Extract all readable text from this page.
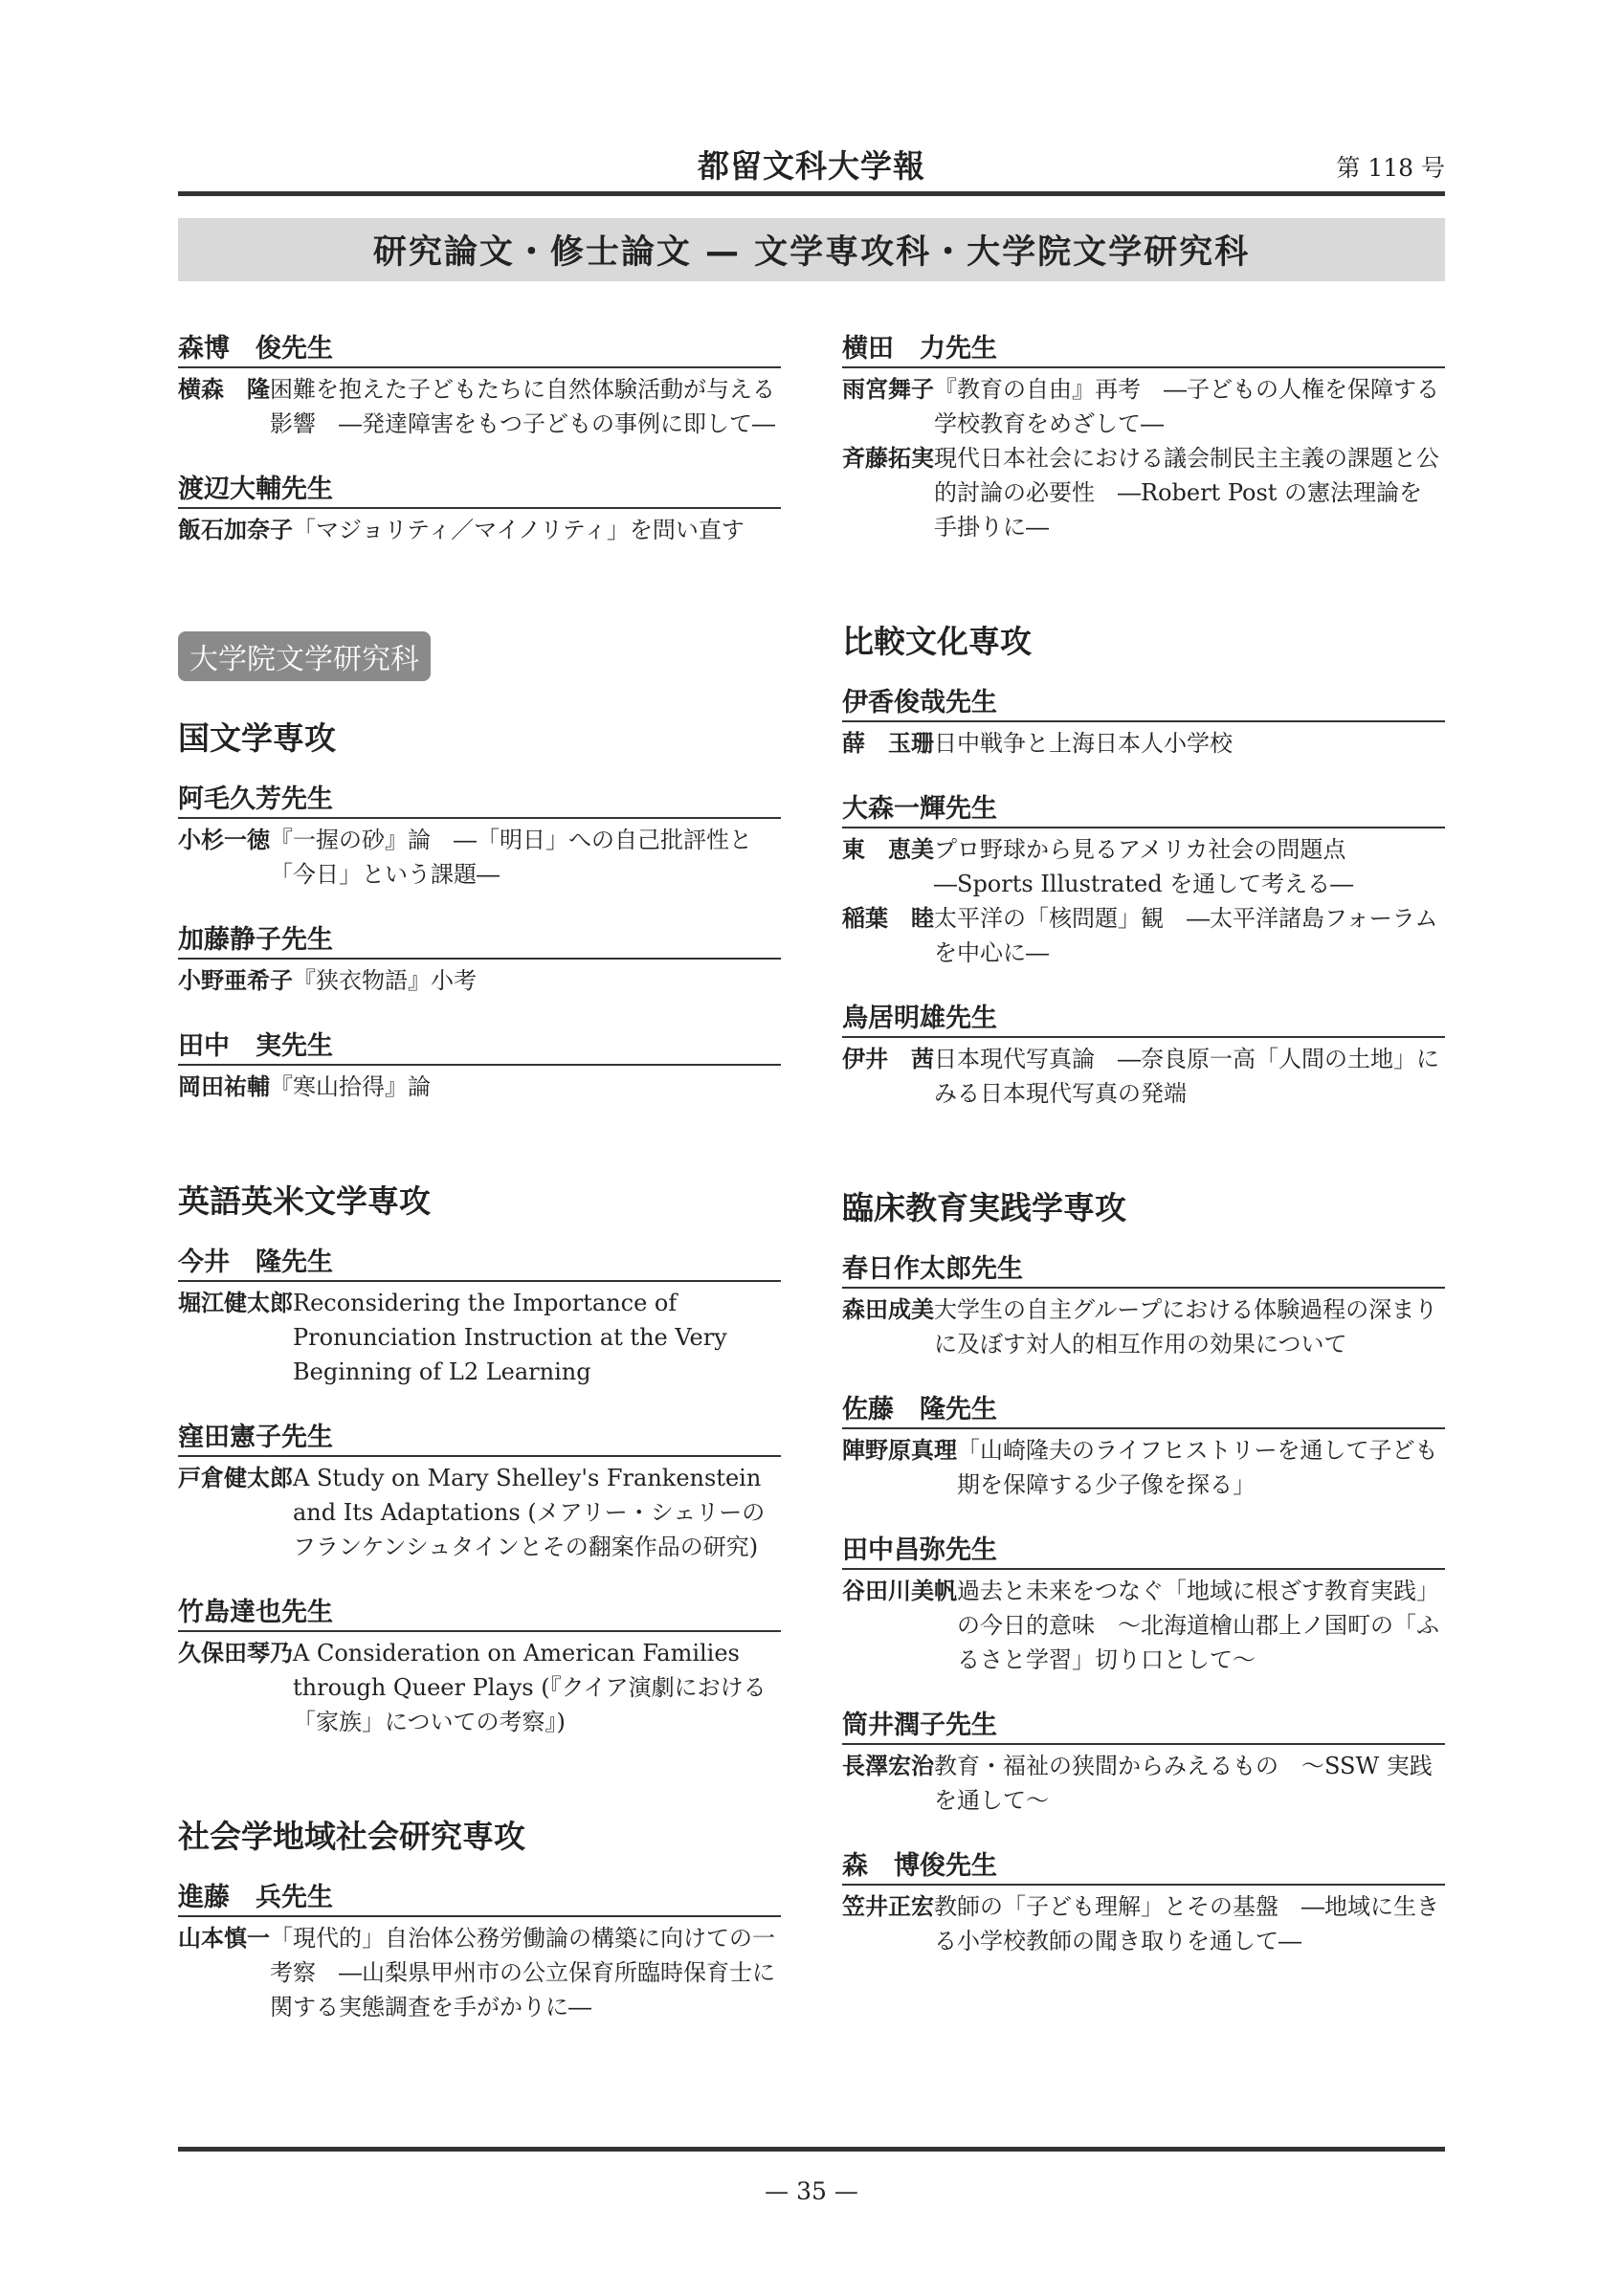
都留文科大学報	第 118 号
研究論文・修士論文 — 文学専攻科・大学院文学研究科
森博　俊先生
横森　隆 困難を抱えた子どもたちに自然体験活動が与える影響　―発達障害をもつ子どもの事例に即して―
渡辺大輔先生
飯石加奈子 「マジョリティ／マイノリティ」を問い直す
大学院文学研究科
国文学専攻
阿毛久芳先生
小杉一徳 『一握の砂』論　―「明日」への自己批評性と「今日」という課題―
加藤静子先生
小野亜希子 『狭衣物語』小考
田中　実先生
岡田祐輔 『寒山拾得』論
英語英米文学専攻
今井　隆先生
堀江健太郎 Reconsidering the Importance of Pronunciation Instruction at the Very Beginning of L2 Learning
窪田憲子先生
戸倉健太郎 A Study on Mary Shelley's Frankenstein and Its Adaptations (メアリー・シェリーのフランケンシュタインとその翻案作品の研究)
竹島達也先生
久保田琴乃 A Consideration on American Families through Queer Plays (『クイア演劇における「家族」についての考察』)
社会学地域社会研究専攻
進藤　兵先生
山本慎一 「現代的」自治体公務労働論の構築に向けての一考察　―山梨県甲州市の公立保育所臨時保育士に関する実態調査を手がかりに―
横田　力先生
雨宮舞子 『教育の自由』再考　―子どもの人権を保障する学校教育をめざして―
斉藤拓実 現代日本社会における議会制民主主義の課題と公的討論の必要性　―Robert Post の憲法理論を手掛りに―
比較文化専攻
伊香俊哉先生
薛　玉珊 日中戦争と上海日本人小学校
大森一輝先生
東　恵美 プロ野球から見るアメリカ社会の問題点　―Sports Illustrated を通して考える―
稲葉　睦 太平洋の「核問題」観　―太平洋諸島フォーラムを中心に―
鳥居明雄先生
伊井　茜 日本現代写真論　―奈良原一高「人間の土地」にみる日本現代写真の発端
臨床教育実践学専攻
春日作太郎先生
森田成美 大学生の自主グループにおける体験過程の深まりに及ぼす対人的相互作用の効果について
佐藤　隆先生
陣野原真理 「山崎隆夫のライフヒストリーを通して子ども期を保障する少子像を探る」
田中昌弥先生
谷田川美帆 過去と未来をつなぐ「地域に根ざす教育実践」の今日的意味　～北海道檜山郡上ノ国町の「ふるさと学習」切り口として～
筒井潤子先生
長澤宏治 教育・福祉の狭間からみえるもの　～SSW 実践を通して～
森　博俊先生
笠井正宏 教師の「子ども理解」とその基盤　―地域に生きる小学校教師の聞き取りを通して―
— 35 —
